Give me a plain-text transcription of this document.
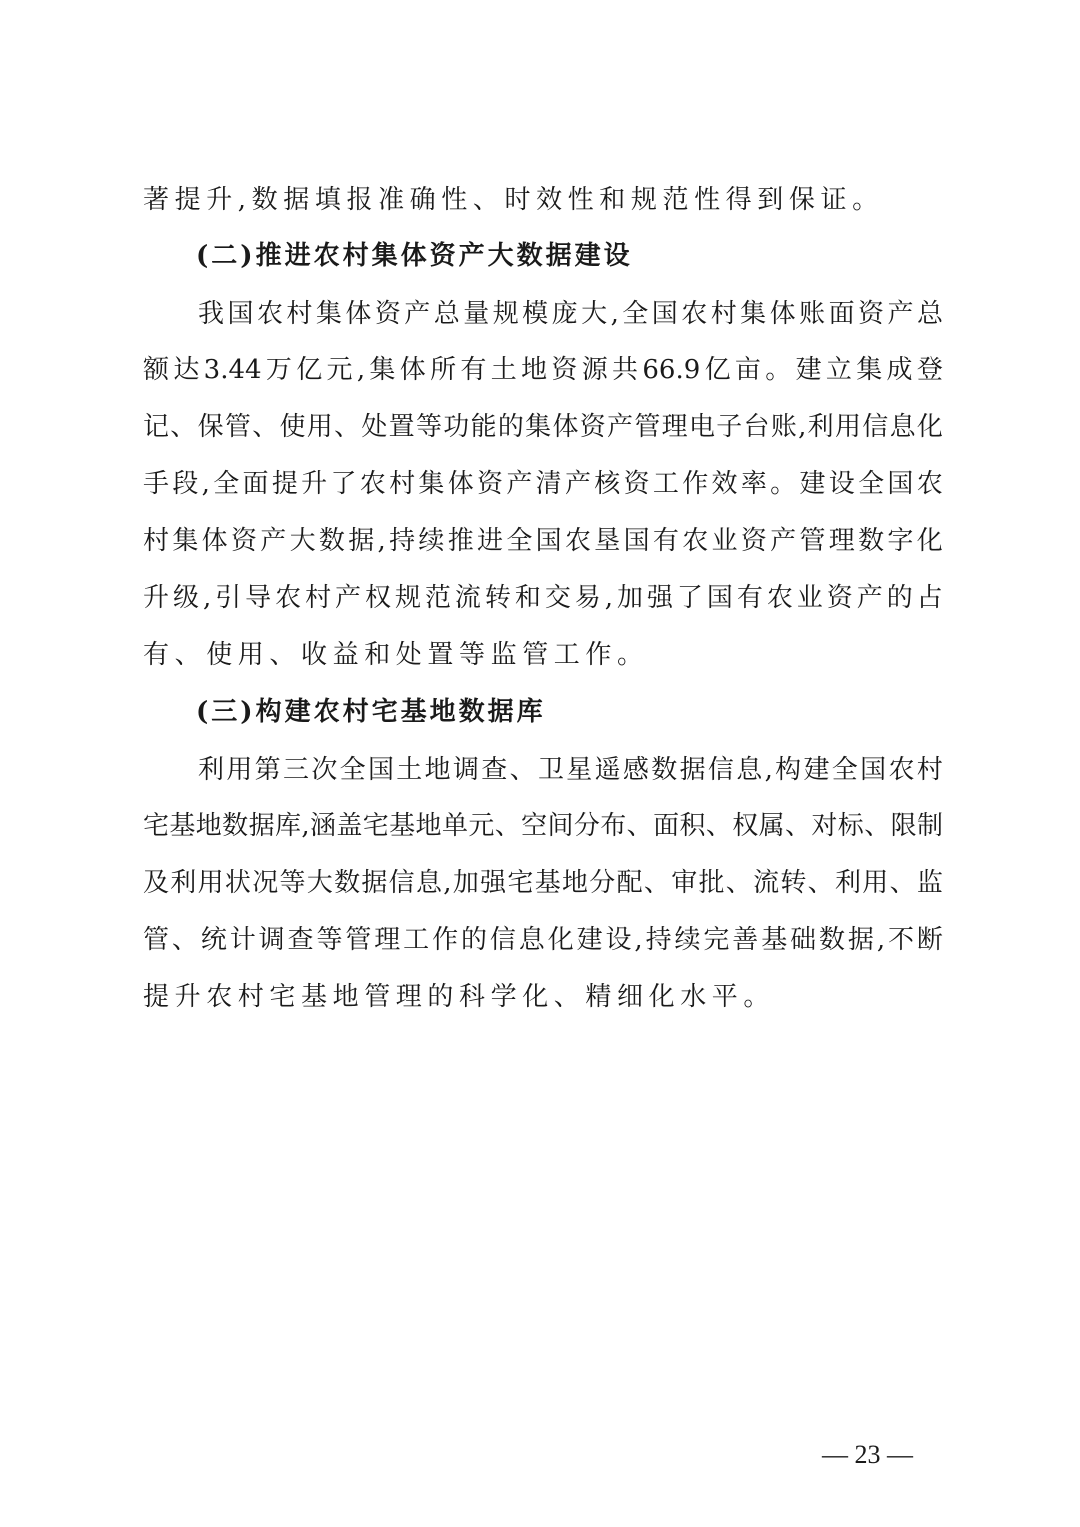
著提升,数据填报准确性、时效性和规范性得到保证。
(二)推进农村集体资产大数据建设
我 国 农 村 集 体 资 产 总 量 规 模 庞 大 , 全 国 农 村 集 体 账 面 资 产 总
额 达 3.44 万 亿 元 , 集 体 所 有 土 地 资 源 共 66.9 亿 亩 。 建 立 集 成 登
记 、 保 管 、 使 用 、 处 置 等 功 能 的 集 体 资 产 管 理 电 子 台 账 , 利 用 信 息 化
手 段 , 全 面 提 升 了 农 村 集 体 资 产 清 产 核 资 工 作 效 率 。 建 设 全 国 农
村 集 体 资 产 大 数 据 , 持 续 推 进 全 国 农 垦 国 有 农 业 资 产 管 理 数 字 化
升 级 , 引 导 农 村 产 权 规 范 流 转 和 交 易 , 加 强 了 国 有 农 业 资 产 的 占
有、使用、收益和处置等监管工作。
(三)构建农村宅基地数据库
利 用 第 三 次 全 国 土 地 调 查 、 卫 星 遥 感 数 据 信 息 , 构 建 全 国 农 村
宅 基 地 数 据 库 , 涵 盖 宅 基 地 单 元 、 空 间 分 布 、 面 积 、 权 属 、 对 标 、 限 制
及 利 用 状 况 等 大 数 据 信 息 , 加 强 宅 基 地 分 配 、 审 批 、 流 转 、 利 用 、 监
管 、 统 计 调 查 等 管 理 工 作 的 信 息 化 建 设 , 持 续 完 善 基 础 数 据 , 不 断
提升农村宅基地管理的科学化、精细化水平。
— 23 —
